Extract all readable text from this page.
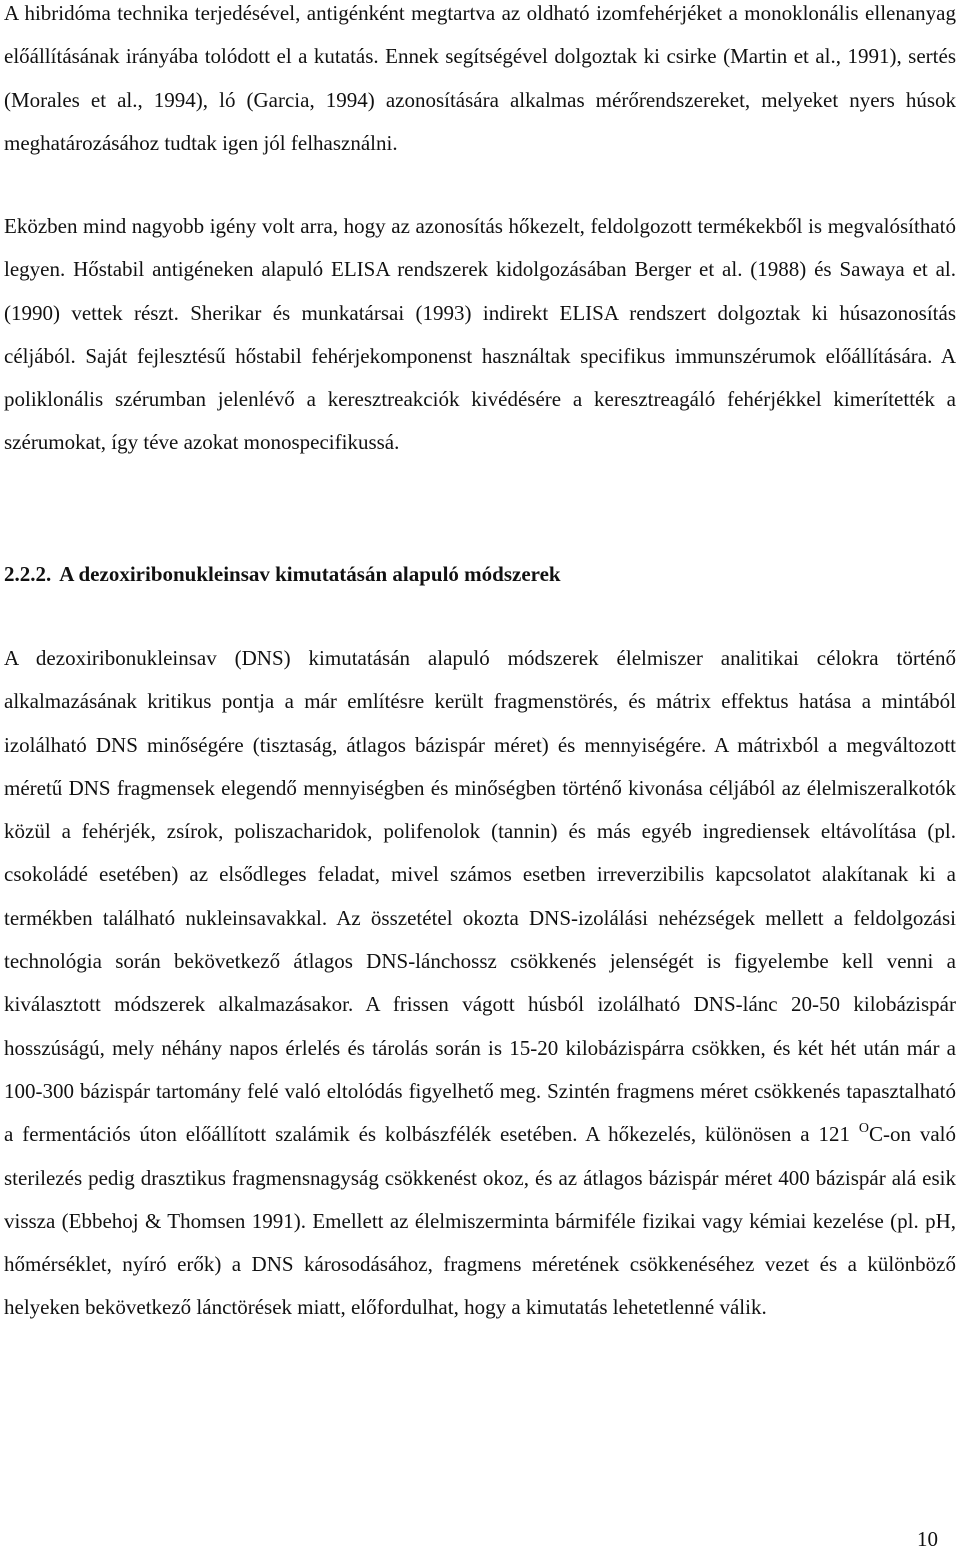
A hibridóma technika terjedésével, antigénként megtartva az oldható izomfehérjéket a monoklonális ellenanyag előállításának irányába tolódott el a kutatás. Ennek segítségével dolgoztak ki csirke (Martin et al., 1991), sertés (Morales et al., 1994), ló (Garcia, 1994) azonosítására alkalmas mérőrendszereket, melyeket nyers húsok meghatározásához tudtak igen jól felhasználni.

Eközben mind nagyobb igény volt arra, hogy az azonosítás hőkezelt, feldolgozott termékekből is megvalósítható legyen. Hőstabil antigéneken alapuló ELISA rendszerek kidolgozásában Berger et al. (1988) és Sawaya et al. (1990) vettek részt. Sherikar és munkatársai (1993) indirekt ELISA rendszert dolgoztak ki húsazonosítás céljából. Saját fejlesztésű hőstabil fehérjekomponenst használtak specifikus immunszérumok előállítására. A poliklonális szérumban jelenlévő a keresztreakciók kivédésére a keresztreagáló fehérjékkel kimerítették a szérumokat, így téve azokat monospecifikussá.

2.2.2. A dezoxiribonukleinsav kimutatásán alapuló módszerek

A dezoxiribonukleinsav (DNS) kimutatásán alapuló módszerek élelmiszer analitikai célokra történő alkalmazásának kritikus pontja a már említésre került fragmenstörés, és mátrix effektus hatása a mintából izolálható DNS minőségére (tisztaság, átlagos bázispár méret) és mennyiségére. A mátrixból a megváltozott méretű DNS fragmensek elegendő mennyiségben és minőségben történő kivonása céljából az élelmiszeralkotók közül a fehérjék, zsírok, poliszacharidok, polifenolok (tannin) és más egyéb ingrediensek eltávolítása (pl. csokoládé esetében) az elsődleges feladat, mivel számos esetben irreverzibilis kapcsolatot alakítanak ki a termékben található nukleinsavakkal. Az összetétel okozta DNS-izolálási nehézségek mellett a feldolgozási technológia során bekövetkező átlagos DNS-lánchossz csökkenés jelenségét is figyelembe kell venni a kiválasztott módszerek alkalmazásakor. A frissen vágott húsból izolálható DNS-lánc 20-50 kilobázispár hosszúságú, mely néhány napos érlelés és tárolás során is 15-20 kilobázispárra csökken, és két hét után már a 100-300 bázispár tartomány felé való eltolódás figyelhető meg. Szintén fragmens méret csökkenés tapasztalható a fermentációs úton előállított szalámik és kolbászfélék esetében. A hőkezelés, különösen a 121 $^O$C-on való sterilezés pedig drasztikus fragmensnagyság csökkenést okoz, és az átlagos bázispár méret 400 bázispár alá esik vissza (Ebbehoj & Thomsen 1991). Emellett az élelmiszerminta bármiféle fizikai vagy kémiai kezelése (pl. pH, hőmérséklet, nyíró erők) a DNS károsodásához, fragmens méretének csökkenéséhez vezet és a különböző helyeken bekövetkező lánctörések miatt, előfordulhat, hogy a kimutatás lehetetlenné válik.

10
